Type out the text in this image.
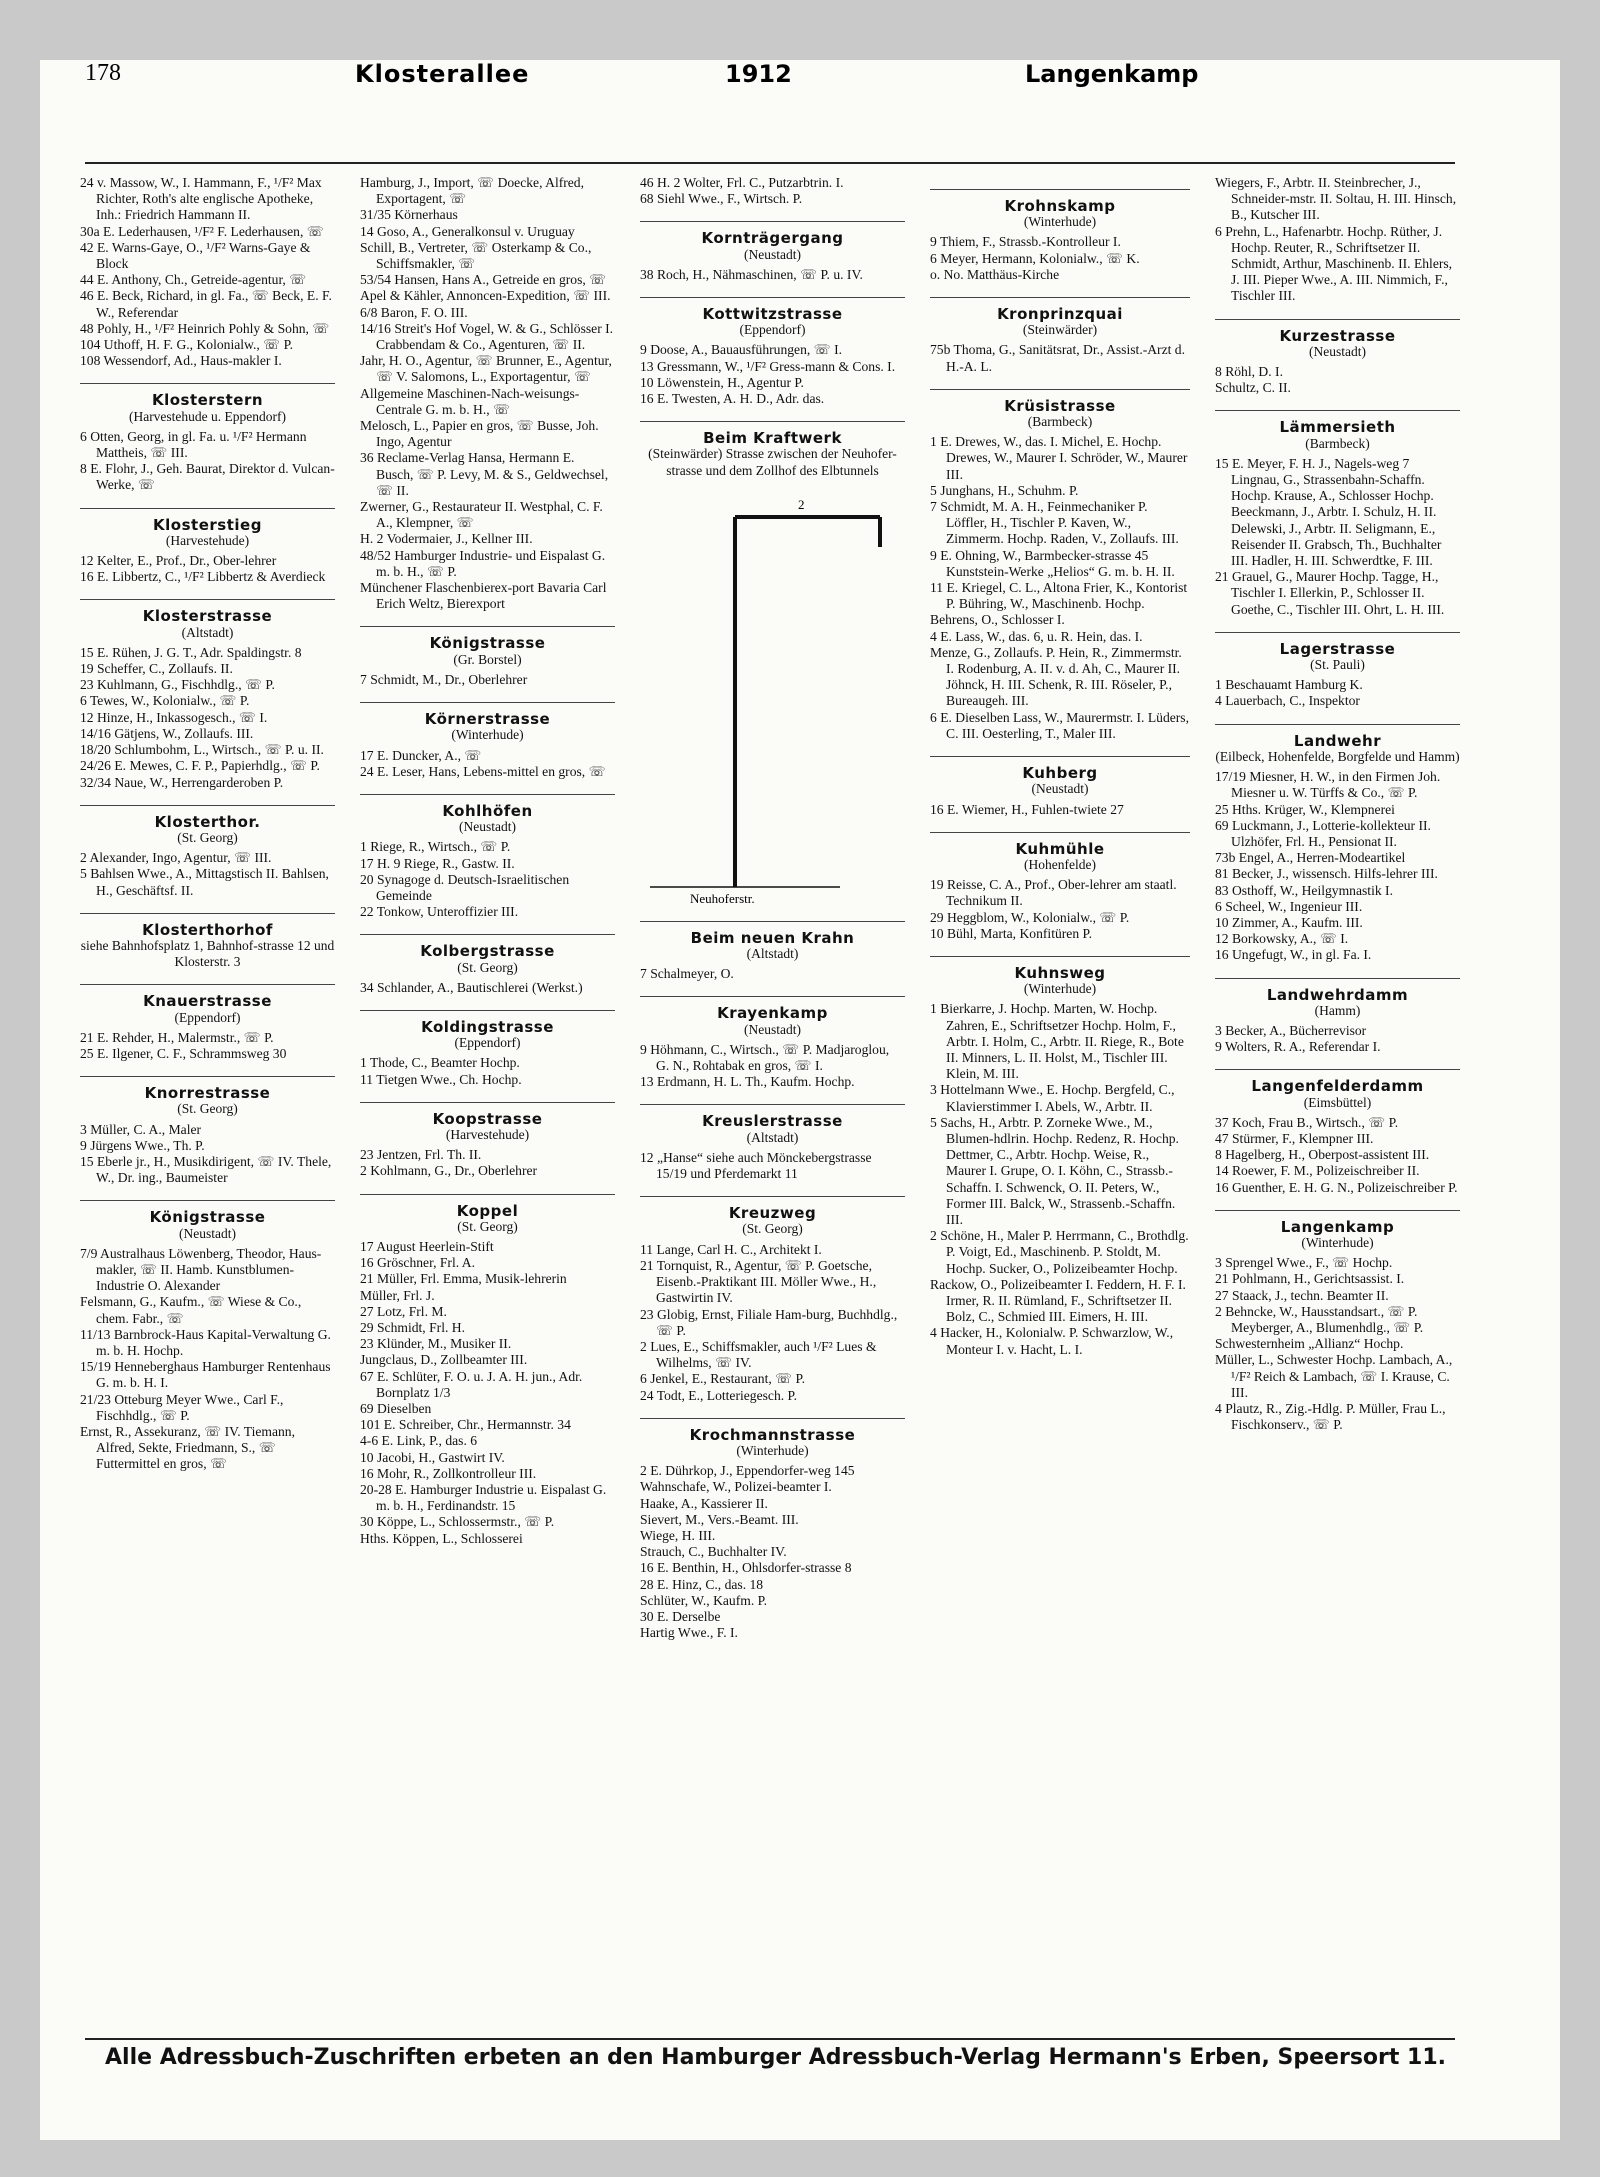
178	Klosterallee	1912	Langenkamp

24 v. Massow, W., I. Hammann, F., ¹/F² Max Richter, Roth's alte englische Apotheke, Inh.: Friedrich Hammann II.

30a E. Lederhausen, ¹/F² F. Lederhausen, ☏

42 E. Warns-Gaye, O., ¹/F² Warns-Gaye & Block

44 E. Anthony, Ch., Getreide-agentur, ☏

46 E. Beck, Richard, in gl. Fa., ☏ Beck, E. F. W., Referendar

48 Pohly, H., ¹/F² Heinrich Pohly & Sohn, ☏

104 Uthoff, H. F. G., Kolonialw., ☏ P.

108 Wessendorf, Ad., Haus-makler I.

Klosterstern
(Harvestehude u. Eppendorf)

6 Otten, Georg, in gl. Fa. u. ¹/F² Hermann Mattheis, ☏ III.

8 E. Flohr, J., Geh. Baurat, Direktor d. Vulcan-Werke, ☏

Klosterstieg
(Harvestehude)

12 Kelter, E., Prof., Dr., Ober-lehrer

16 E. Libbertz, C., ¹/F² Libbertz & Averdieck

Klosterstrasse
(Altstadt)

15 E. Rühen, J. G. T., Adr. Spaldingstr. 8

19 Scheffer, C., Zollaufs. II.

23 Kuhlmann, G., Fischhdlg., ☏ P.

6 Tewes, W., Kolonialw., ☏ P.

12 Hinze, H., Inkassogesch., ☏ I.

14/16 Gätjens, W., Zollaufs. III.

18/20 Schlumbohm, L., Wirtsch., ☏ P. u. II.

24/26 E. Mewes, C. F. P., Papierhdlg., ☏ P.

32/34 Naue, W., Herrengarderoben P.

Klosterthor.
(St. Georg)

2 Alexander, Ingo, Agentur, ☏ III.

5 Bahlsen Wwe., A., Mittagstisch II. Bahlsen, H., Geschäftsf. II.

Klosterthorhof
siehe Bahnhofsplatz 1, Bahnhof-strasse 12 und Klosterstr. 3
Knauerstrasse
(Eppendorf)

21 E. Rehder, H., Malermstr., ☏ P.

25 E. Ilgener, C. F., Schrammsweg 30

Knorrestrasse
(St. Georg)

3 Müller, C. A., Maler

9 Jürgens Wwe., Th. P.

15 Eberle jr., H., Musikdirigent, ☏ IV. Thele, W., Dr. ing., Baumeister

Königstrasse
(Neustadt)

7/9 Australhaus Löwenberg, Theodor, Haus-makler, ☏ II. Hamb. Kunstblumen-Industrie O. Alexander

Felsmann, G., Kaufm., ☏ Wiese & Co., chem. Fabr., ☏

11/13 Barnbrock-Haus Kapital-Verwaltung G. m. b. H. Hochp.

15/19 Henneberghaus Hamburger Rentenhaus G. m. b. H. I.

21/23 Otteburg Meyer Wwe., Carl F., Fischhdlg., ☏ P.

Ernst, R., Assekuranz, ☏ IV. Tiemann, Alfred, Sekte, Friedmann, S., ☏ Futtermittel en gros, ☏

Hamburg, J., Import, ☏ Doecke, Alfred, Exportagent, ☏

31/35 Körnerhaus

14 Goso, A., Generalkonsul v. Uruguay

Schill, B., Vertreter, ☏ Osterkamp & Co., Schiffsmakler, ☏

53/54 Hansen, Hans A., Getreide en gros, ☏

Apel & Kähler, Annoncen-Expedition, ☏ III.

6/8 Baron, F. O. III.

14/16 Streit's Hof Vogel, W. & G., Schlösser I. Crabbendam & Co., Agenturen, ☏ II.

Jahr, H. O., Agentur, ☏ Brunner, E., Agentur, ☏ V. Salomons, L., Exportagentur, ☏

Allgemeine Maschinen-Nach-weisungs-Centrale G. m. b. H., ☏

Melosch, L., Papier en gros, ☏ Busse, Joh. Ingo, Agentur

36 Reclame-Verlag Hansa, Hermann E. Busch, ☏ P. Levy, M. & S., Geldwechsel, ☏ II.

Zwerner, G., Restaurateur II. Westphal, C. F. A., Klempner, ☏

H. 2 Vodermaier, J., Kellner III.

48/52 Hamburger Industrie- und Eispalast G. m. b. H., ☏ P.

Münchener Flaschenbierex-port Bavaria Carl Erich Weltz, Bierexport

Königstrasse
(Gr. Borstel)

7 Schmidt, M., Dr., Oberlehrer

Körnerstrasse
(Winterhude)

17 E. Duncker, A., ☏

24 E. Leser, Hans, Lebens-mittel en gros, ☏

Kohlhöfen
(Neustadt)

1 Riege, R., Wirtsch., ☏ P.

17 H. 9 Riege, R., Gastw. II.

20 Synagoge d. Deutsch-Israelitischen Gemeinde

22 Tonkow, Unteroffizier III.

Kolbergstrasse
(St. Georg)

34 Schlander, A., Bautischlerei (Werkst.)

Koldingstrasse
(Eppendorf)

1 Thode, C., Beamter Hochp.

11 Tietgen Wwe., Ch. Hochp.

Koopstrasse
(Harvestehude)

23 Jentzen, Frl. Th. II.

2 Kohlmann, G., Dr., Oberlehrer

Koppel
(St. Georg)

17 August Heerlein-Stift

16 Gröschner, Frl. A.

21 Müller, Frl. Emma, Musik-lehrerin

Müller, Frl. J.

27 Lotz, Frl. M.

29 Schmidt, Frl. H.

23 Klünder, M., Musiker II.

Jungclaus, D., Zollbeamter III.

67 E. Schlüter, F. O. u. J. A. H. jun., Adr. Bornplatz 1/3

69 Dieselben

101 E. Schreiber, Chr., Hermannstr. 34

4-6 E. Link, P., das. 6

10 Jacobi, H., Gastwirt IV.

16 Mohr, R., Zollkontrolleur III.

20-28 E. Hamburger Industrie u. Eispalast G. m. b. H., Ferdinandstr. 15

30 Köppe, L., Schlossermstr., ☏ P.

Hths. Köppen, L., Schlosserei

46 H. 2 Wolter, Frl. C., Putzarbtrin. I.

68 Siehl Wwe., F., Wirtsch. P.

Kornträgergang
(Neustadt)

38 Roch, H., Nähmaschinen, ☏ P. u. IV.

Kottwitzstrasse
(Eppendorf)

9 Doose, A., Bauausführungen, ☏ I.

13 Gressmann, W., ¹/F² Gress-mann & Cons. I.

10 Löwenstein, H., Agentur P.

16 E. Twesten, A. H. D., Adr. das.

Beim Kraftwerk
(Steinwärder) Strasse zwischen der Neuhofer-strasse und dem Zollhof des Elbtunnels
2
Neuhoferstr.
Beim neuen Krahn
(Altstadt)

7 Schalmeyer, O.

Krayenkamp
(Neustadt)

9 Höhmann, C., Wirtsch., ☏ P. Madjaroglou, G. N., Rohtabak en gros, ☏ I.

13 Erdmann, H. L. Th., Kaufm. Hochp.

Kreuslerstrasse
(Altstadt)

12 „Hanse“ siehe auch Mönckebergstrasse 15/19 und Pferdemarkt 11

Kreuzweg
(St. Georg)

11 Lange, Carl H. C., Architekt I.

21 Tornquist, R., Agentur, ☏ P. Goetsche, Eisenb.-Praktikant III. Möller Wwe., H., Gastwirtin IV.

23 Globig, Ernst, Filiale Ham-burg, Buchhdlg., ☏ P.

2 Lues, E., Schiffsmakler, auch ¹/F² Lues & Wilhelms, ☏ IV.

6 Jenkel, E., Restaurant, ☏ P.

24 Todt, E., Lotteriegesch. P.

Krochmannstrasse
(Winterhude)

2 E. Dührkop, J., Eppendorfer-weg 145

Wahnschafe, W., Polizei-beamter I.

Haake, A., Kassierer II.

Sievert, M., Vers.-Beamt. III.

Wiege, H. III.

Strauch, C., Buchhalter IV.

16 E. Benthin, H., Ohlsdorfer-strasse 8

28 E. Hinz, C., das. 18

Schlüter, W., Kaufm. P.

30 E. Derselbe

Hartig Wwe., F. I.

Krohnskamp
(Winterhude)

9 Thiem, F., Strassb.-Kontrolleur I.

6 Meyer, Hermann, Kolonialw., ☏ K.

o. No. Matthäus-Kirche

Kronprinzquai
(Steinwärder)

75b Thoma, G., Sanitätsrat, Dr., Assist.-Arzt d. H.-A. L.

Krüsistrasse
(Barmbeck)

1 E. Drewes, W., das. I. Michel, E. Hochp. Drewes, W., Maurer I. Schröder, W., Maurer III.

5 Junghans, H., Schuhm. P.

7 Schmidt, M. A. H., Feinmechaniker P. Löffler, H., Tischler P. Kaven, W., Zimmerm. Hochp. Raden, V., Zollaufs. III.

9 E. Ohning, W., Barmbecker-strasse 45 Kunststein-Werke „Helios“ G. m. b. H. II.

11 E. Kriegel, C. L., Altona Frier, K., Kontorist P. Bühring, W., Maschinenb. Hochp.

Behrens, O., Schlosser I.

4 E. Lass, W., das. 6, u. R. Hein, das. I.

Menze, G., Zollaufs. P. Hein, R., Zimmermstr. I. Rodenburg, A. II. v. d. Ah, C., Maurer II. Jöhnck, H. III. Schenk, R. III. Röseler, P., Bureaugeh. III.

6 E. Dieselben Lass, W., Maurermstr. I. Lüders, C. III. Oesterling, T., Maler III.

Kuhberg
(Neustadt)

16 E. Wiemer, H., Fuhlen-twiete 27

Kuhmühle
(Hohenfelde)

19 Reisse, C. A., Prof., Ober-lehrer am staatl. Technikum II.

29 Heggblom, W., Kolonialw., ☏ P.

10 Bühl, Marta, Konfitüren P.

Kuhnsweg
(Winterhude)

1 Bierkarre, J. Hochp. Marten, W. Hochp. Zahren, E., Schriftsetzer Hochp. Holm, F., Arbtr. I. Holm, C., Arbtr. II. Riege, R., Bote II. Minners, L. II. Holst, M., Tischler III. Klein, M. III.

3 Hottelmann Wwe., E. Hochp. Bergfeld, C., Klavierstimmer I. Abels, W., Arbtr. II.

5 Sachs, H., Arbtr. P. Zorneke Wwe., M., Blumen-hdlrin. Hochp. Redenz, R. Hochp. Dettmer, C., Arbtr. Hochp. Weise, R., Maurer I. Grupe, O. I. Köhn, C., Strassb.-Schaffn. I. Schwenck, O. II. Peters, W., Former III. Balck, W., Strassenb.-Schaffn. III.

2 Schöne, H., Maler P. Herrmann, C., Brothdlg. P. Voigt, Ed., Maschinenb. P. Stoldt, M. Hochp. Sucker, O., Polizeibeamter Hochp.

Rackow, O., Polizeibeamter I. Feddern, H. F. I. Irmer, R. II. Rümland, F., Schriftsetzer II. Bolz, C., Schmied III. Eimers, H. III.

4 Hacker, H., Kolonialw. P. Schwarzlow, W., Monteur I. v. Hacht, L. I.

Wiegers, F., Arbtr. II. Steinbrecher, J., Schneider-mstr. II. Soltau, H. III. Hinsch, B., Kutscher III.

6 Prehn, L., Hafenarbtr. Hochp. Rüther, J. Hochp. Reuter, R., Schriftsetzer II. Schmidt, Arthur, Maschinenb. II. Ehlers, J. III. Pieper Wwe., A. III. Nimmich, F., Tischler III.

Kurzestrasse
(Neustadt)

8 Röhl, D. I.

Schultz, C. II.

Lämmersieth
(Barmbeck)

15 E. Meyer, F. H. J., Nagels-weg 7 Lingnau, G., Strassenbahn-Schaffn. Hochp. Krause, A., Schlosser Hochp. Beeckmann, J., Arbtr. I. Schulz, H. II. Delewski, J., Arbtr. II. Seligmann, E., Reisender II. Grabsch, Th., Buchhalter III. Hadler, H. III. Schwerdtke, F. III.

21 Grauel, G., Maurer Hochp. Tagge, H., Tischler I. Ellerkin, P., Schlosser II. Goethe, C., Tischler III. Ohrt, L. H. III.

Lagerstrasse
(St. Pauli)

1 Beschauamt Hamburg K.

4 Lauerbach, C., Inspektor

Landwehr
(Eilbeck, Hohenfelde, Borgfelde und Hamm)

17/19 Miesner, H. W., in den Firmen Joh. Miesner u. W. Türffs & Co., ☏ P.

25 Hths. Krüger, W., Klempnerei

69 Luckmann, J., Lotterie-kollekteur II. Ulzhöfer, Frl. H., Pensionat II.

73b Engel, A., Herren-Modeartikel

81 Becker, J., wissensch. Hilfs-lehrer III.

83 Osthoff, W., Heilgymnastik I.

6 Scheel, W., Ingenieur III.

10 Zimmer, A., Kaufm. III.

12 Borkowsky, A., ☏ I.

16 Ungefugt, W., in gl. Fa. I.

Landwehrdamm
(Hamm)

3 Becker, A., Bücherrevisor

9 Wolters, R. A., Referendar I.

Langenfelderdamm
(Eimsbüttel)

37 Koch, Frau B., Wirtsch., ☏ P.

47 Stürmer, F., Klempner III.

8 Hagelberg, H., Oberpost-assistent III.

14 Roewer, F. M., Polizeischreiber II.

16 Guenther, E. H. G. N., Polizeischreiber P.

Langenkamp
(Winterhude)

3 Sprengel Wwe., F., ☏ Hochp.

21 Pohlmann, H., Gerichtsassist. I.

27 Staack, J., techn. Beamter II.

2 Behncke, W., Hausstandsart., ☏ P. Meyberger, A., Blumenhdlg., ☏ P.

Schwesternheim „Allianz“ Hochp.

Müller, L., Schwester Hochp. Lambach, A., ¹/F² Reich & Lambach, ☏ I. Krause, C. III.

4 Plautz, R., Zig.-Hdlg. P. Müller, Frau L., Fischkonserv., ☏ P.

Alle Adressbuch-Zuschriften erbeten an den Hamburger Adressbuch-Verlag Hermann's Erben, Speersort 11.
